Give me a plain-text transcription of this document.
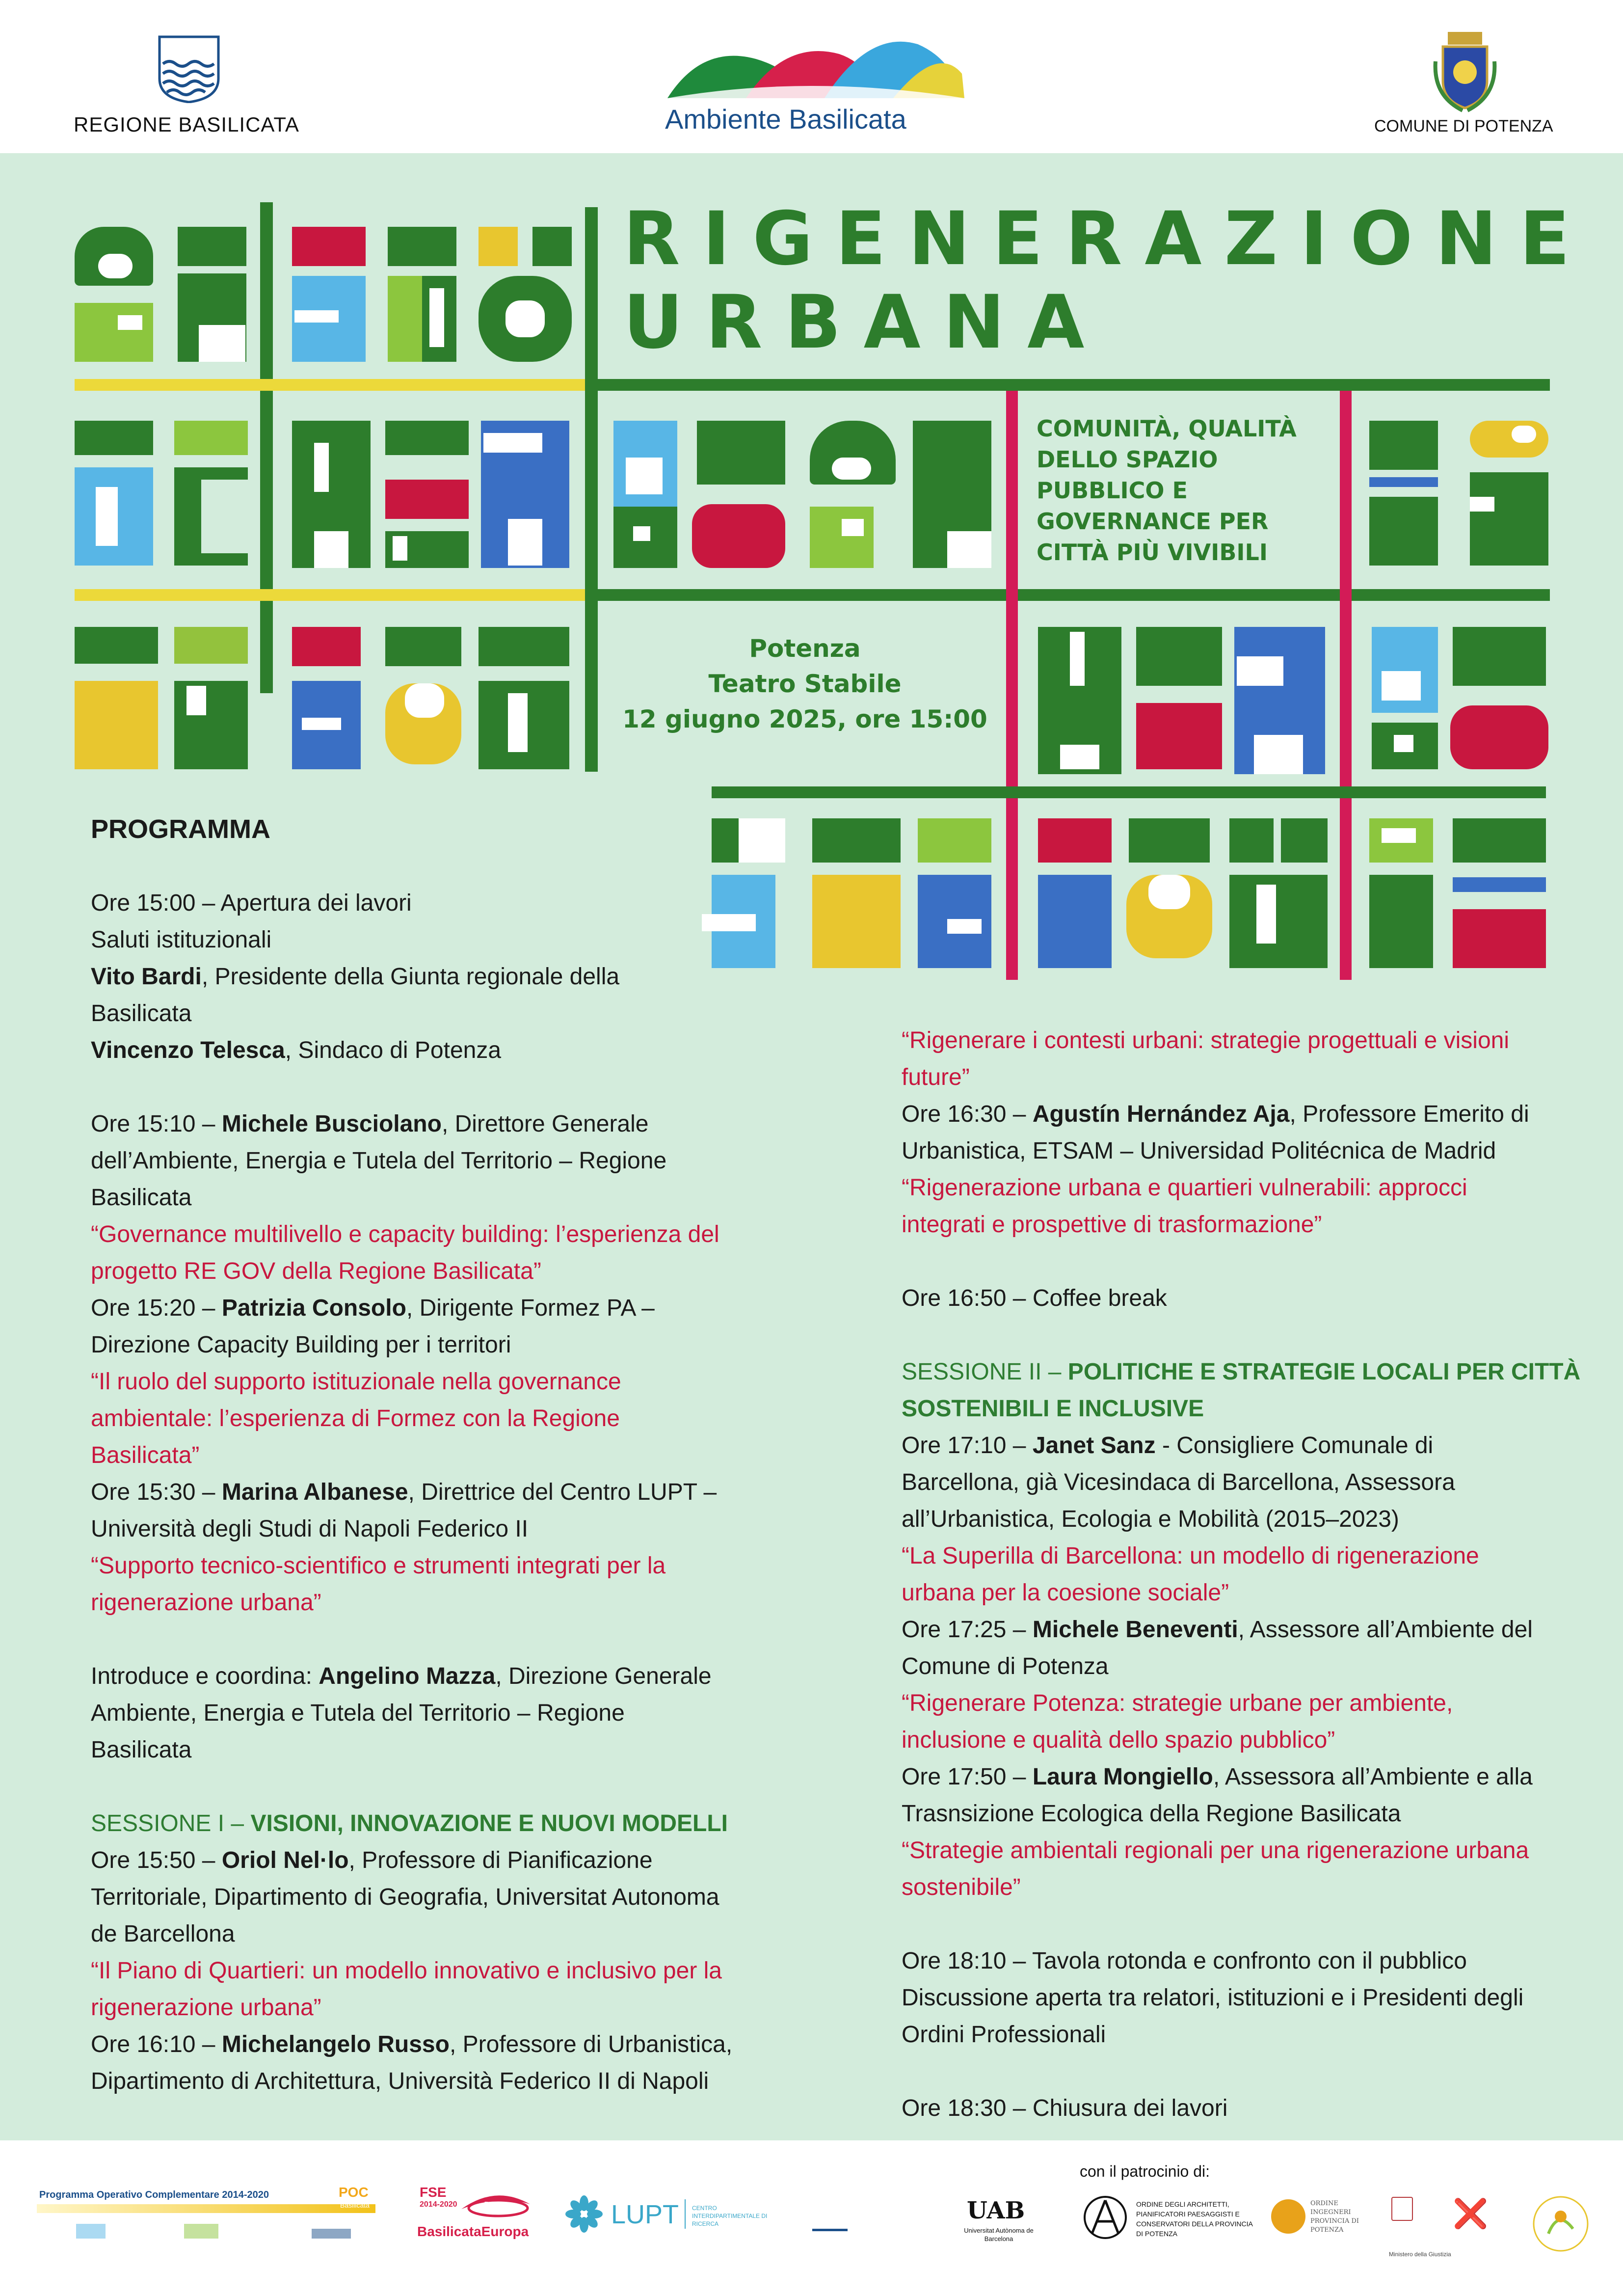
REGIONE BASILICATA	Ambiente Basilicata	COMUNE DI POTENZA
RIGENERAZIONE
URBANA
COMUNITÀ, QUALITÀ
DELLO SPAZIO
PUBBLICO E
GOVERNANCE PER
CITTÀ PIÙ VIVIBILI
Potenza
Teatro Stabile
12 giugno 2025, ore 15:00

PROGRAMMA

Ore 15:00 – Apertura dei lavori

Saluti istituzionali

Vito Bardi, Presidente della Giunta regionale della

Basilicata

Vincenzo Telesca, Sindaco di Potenza

Ore 15:10 – Michele Busciolano, Direttore Generale

dell’Ambiente, Energia e Tutela del Territorio – Regione

Basilicata

“Governance multilivello e capacity building: l’esperienza del

progetto RE GOV della Regione Basilicata”

Ore 15:20 – Patrizia Consolo, Dirigente Formez PA –

Direzione Capacity Building per i territori

“Il ruolo del supporto istituzionale nella governance

ambientale: l’esperienza di Formez con la Regione

Basilicata”

Ore 15:30 – Marina Albanese, Direttrice del Centro LUPT –

Università degli Studi di Napoli Federico II

“Supporto tecnico-scientifico e strumenti integrati per la

rigenerazione urbana”

Introduce e coordina: Angelino Mazza, Direzione Generale

Ambiente, Energia e Tutela del Territorio – Regione

Basilicata

SESSIONE I – VISIONI, INNOVAZIONE E NUOVI MODELLI

Ore 15:50 – Oriol Nel·lo, Professore di Pianificazione

Territoriale, Dipartimento di Geografia, Universitat Autonoma

de Barcellona

“Il Piano di Quartieri: un modello innovativo e inclusivo per la

rigenerazione urbana”

Ore 16:10 – Michelangelo Russo, Professore di Urbanistica,

Dipartimento di Architettura, Università Federico II di Napoli

“Rigenerare i contesti urbani: strategie progettuali e visioni

future”

Ore 16:30 – Agustín Hernández Aja, Professore Emerito di

Urbanistica, ETSAM – Universidad Politécnica de Madrid

“Rigenerazione urbana e quartieri vulnerabili: approcci

integrati e prospettive di trasformazione”

Ore 16:50 – Coffee break

SESSIONE II – POLITICHE E STRATEGIE LOCALI PER CITTÀ

SOSTENIBILI E INCLUSIVE

Ore 17:10 – Janet Sanz - Consigliere Comunale di

Barcellona, già Vicesindaca di Barcellona, Assessora

all’Urbanistica, Ecologia e Mobilità (2015–2023)

“La Superilla di Barcellona: un modello di rigenerazione

urbana per la coesione sociale”

Ore 17:25 – Michele Beneventi, Assessore all’Ambiente del

Comune di Potenza

“Rigenerare Potenza: strategie urbane per ambiente,

inclusione e qualità dello spazio pubblico”

Ore 17:50 – Laura Mongiello, Assessora all’Ambiente e alla

Trasnsizione Ecologica della Regione Basilicata

“Strategie ambientali regionali per una rigenerazione urbana

sostenibile”

Ore 18:10 – Tavola rotonda e confronto con il pubblico

Discussione aperta tra relatori, istituzioni e i Presidenti degli

Ordini Professionali

Ore 18:30 – Chiusura dei lavori

Programma Operativo Complementare 2014-2020	POC
Basilicata
FSE
2014-2020	POR
BasilicataEuropa
LUPT CENTRO INTERDIPARTIMENTALE DI RICERCA
con il patrocinio di:
UAB
Universitat Autònoma de Barcelona
ORDINE DEGLI ARCHITETTI, PIANIFICATORI PAESAGGISTI E CONSERVATORI DELLA PROVINCIA DI POTENZA
ORDINE INGEGNERI PROVINCIA DI POTENZA	❌
Ministero della Giustizia
